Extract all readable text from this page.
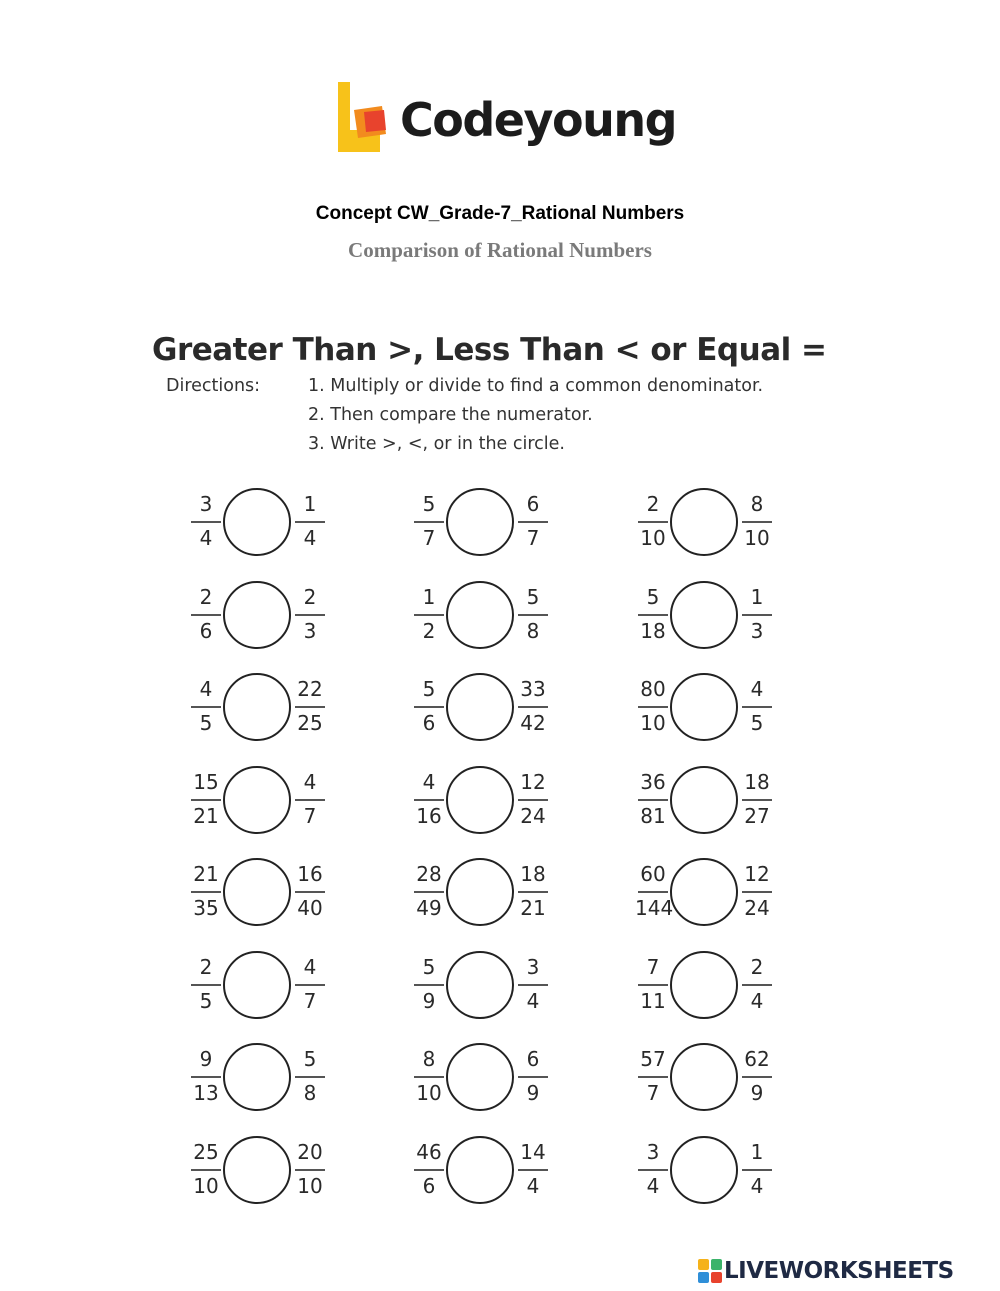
Codeyoung
Concept CW_Grade-7_Rational Numbers
Comparison of Rational Numbers
Greater Than >, Less Than < or Equal =
Directions:	1. Multiply or divide to find a common denominator.
2. Then compare the numerator.
3. Write >, <, or in the circle.
3
4
1
4
5
7
6
7
2
10
8
10
2
6
2
3
1
2
5
8
5
18
1
3
4
5
22
25
5
6
33
42
80
10
4
5
15
21
4
7
4
16
12
24
36
81
18
27
21
35
16
40
28
49
18
21
60
144
12
24
2
5
4
7
5
9
3
4
7
11
2
4
9
13
5
8
8
10
6
9
57
7
62
9
25
10
20
10
46
6
14
4
3
4
1
4
LIVEWORKSHEETS
